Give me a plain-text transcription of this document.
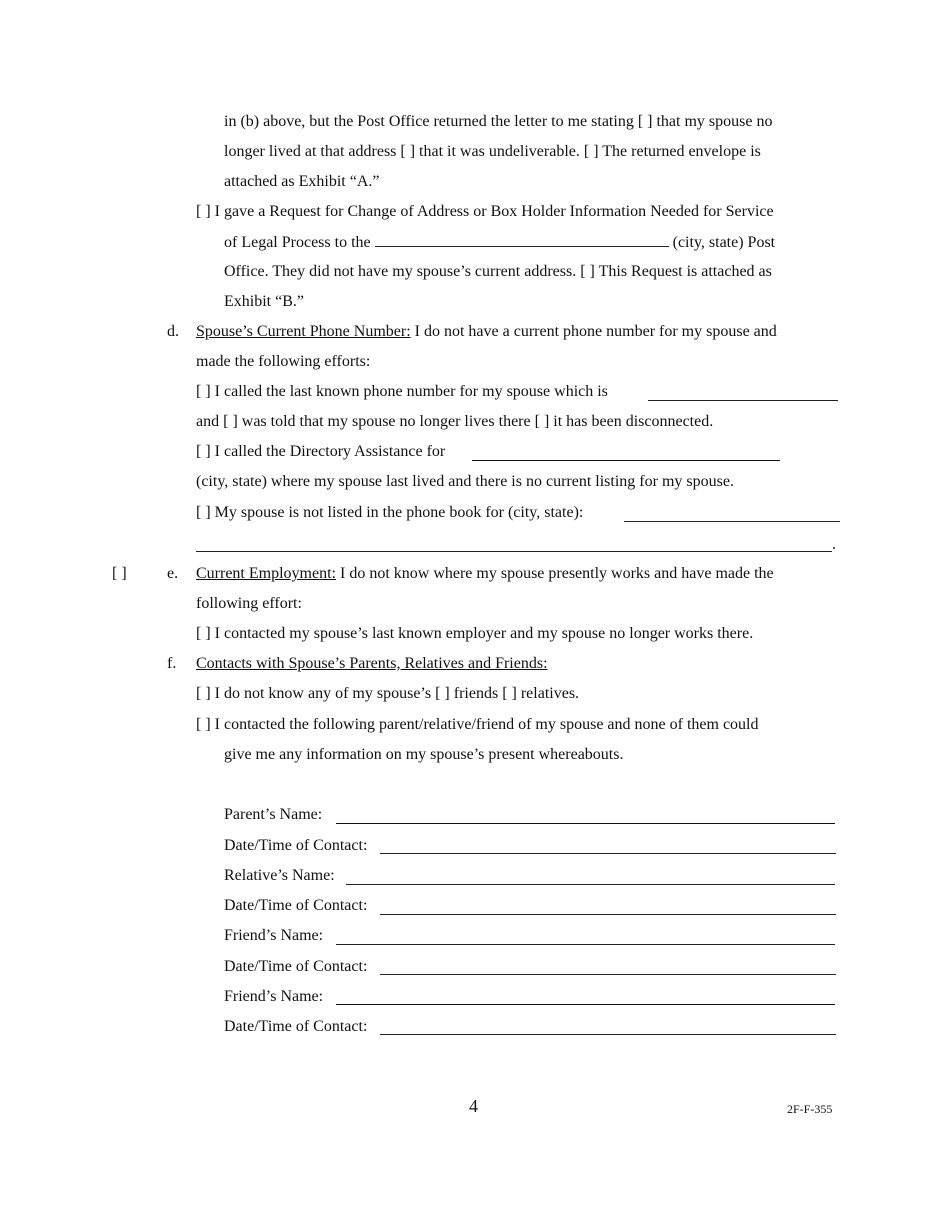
in (b) above, but the Post Office returned the letter to me stating [ ] that my spouse no
longer lived at that address [ ] that it was undeliverable. [ ] The returned envelope is
attached as Exhibit “A.”
[ ] I gave a Request for Change of Address or Box Holder Information Needed for Service
of Legal Process to the	(city, state) Post
Office. They did not have my spouse’s current address. [ ] This Request is attached as
Exhibit “B.”
d. Spouse’s Current Phone Number: I do not have a current phone number for my spouse and
made the following efforts:
[ ] I called the last known phone number for my spouse which is
and [ ] was told that my spouse no longer lives there [ ] it has been disconnected.
[ ] I called the Directory Assistance for
(city, state) where my spouse last lived and there is no current listing for my spouse.
[ ] My spouse is not listed in the phone book for (city, state):
.
[ ]	e. Current Employment: I do not know where my spouse presently works and have made the
following effort:
[ ] I contacted my spouse’s last known employer and my spouse no longer works there.
f. Contacts with Spouse’s Parents, Relatives and Friends:
[ ] I do not know any of my spouse’s [ ] friends [ ] relatives.
[ ] I contacted the following parent/relative/friend of my spouse and none of them could
give me any information on my spouse’s present whereabouts.
Parent’s Name:
Date/Time of Contact:
Relative’s Name:
Date/Time of Contact:
Friend’s Name:
Date/Time of Contact:
Friend’s Name:
Date/Time of Contact:
4	2F-F-355
